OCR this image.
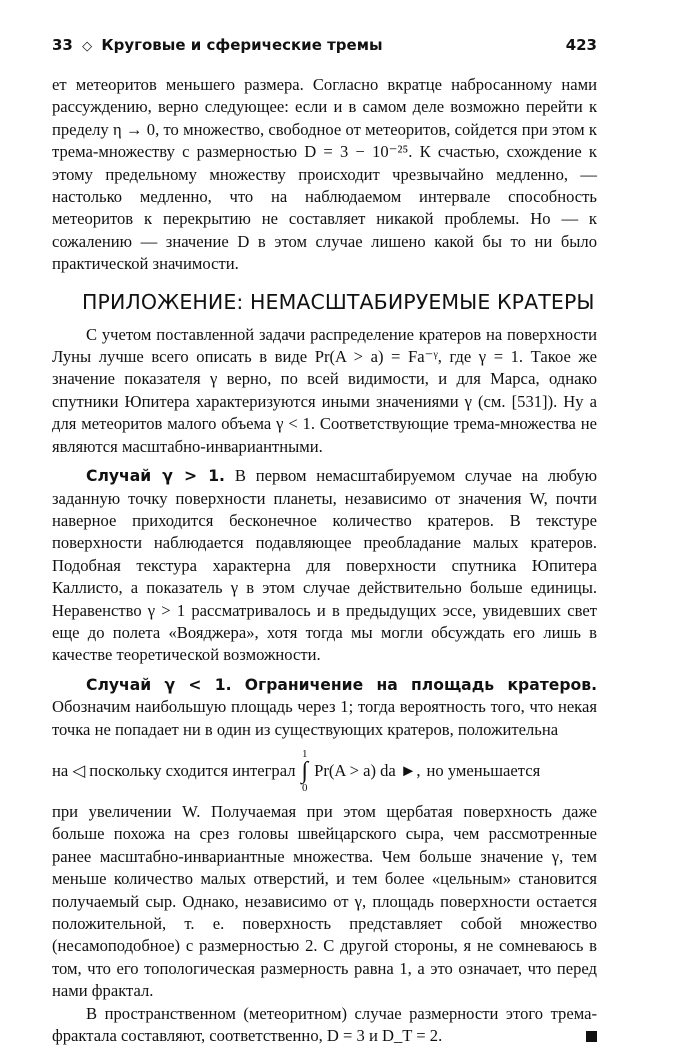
33 ◇ Круговые и сферические тремы	423

ет метеоритов меньшего размера. Согласно вкратце набросанному нами рассуждению, верно следующее: если и в самом деле возможно перейти к пределу η → 0, то множество, свободное от метеоритов, сойдется при этом к трема-множеству с размерностью D = 3 − 10⁻²⁵. К счастью, схождение к этому предельному множеству происходит чрезвычайно медленно, — настолько медленно, что на наблюдаемом интервале способность метеоритов к перекрытию не составляет никакой проблемы. Но — к сожалению — значение D в этом случае лишено какой бы то ни было практической значимости.

ПРИЛОЖЕНИЕ: НЕМАСШТАБИРУЕМЫЕ КРАТЕРЫ

С учетом поставленной задачи распределение кратеров на поверхности Луны лучше всего описать в виде Pr(A > a) = Fa⁻ᵞ, где γ = 1. Такое же значение показателя γ верно, по всей видимости, и для Марса, однако спутники Юпитера характеризуются иными значениями γ (см. [531]). Ну а для метеоритов малого объема γ < 1. Соответствующие трема-множества не являются масштабно-инвариантными.

Случай γ > 1. В первом немасштабируемом случае на любую заданную точку поверхности планеты, независимо от значения W, почти наверное приходится бесконечное количество кратеров. В текстуре поверхности наблюдается подавляющее преобладание малых кратеров. Подобная текстура характерна для поверхности спутника Юпитера Каллисто, а показатель γ в этом случае действительно больше единицы. Неравенство γ > 1 рассматривалось и в предыдущих эссе, увидевших свет еще до полета «Вояджера», хотя тогда мы могли обсуждать его лишь в качестве теоретической возможности.

Случай γ < 1. Ограничение на площадь кратеров. Обозначим наибольшую площадь через 1; тогда вероятность того, что некая точка не попадает ни в один из существующих кратеров, положительна

на ◁ поскольку сходится интеграл
1
∫
0
Pr(A > a) da ►, но уменьшается

при увеличении W. Получаемая при этом щербатая поверхность даже больше похожа на срез головы швейцарского сыра, чем рассмотренные ранее масштабно-инвариантные множества. Чем больше значение γ, тем меньше количество малых отверстий, и тем более «цельным» становится получаемый сыр. Однако, независимо от γ, площадь поверхности остается положительной, т. е. поверхность представляет собой множество (несамоподобное) с размерностью 2. С другой стороны, я не сомневаюсь в том, что его топологическая размерность равна 1, а это означает, что перед нами фрактал.

В пространственном (метеоритном) случае размерности этого трема-фрактала составляют, соответственно, D = 3 и D_T = 2.
